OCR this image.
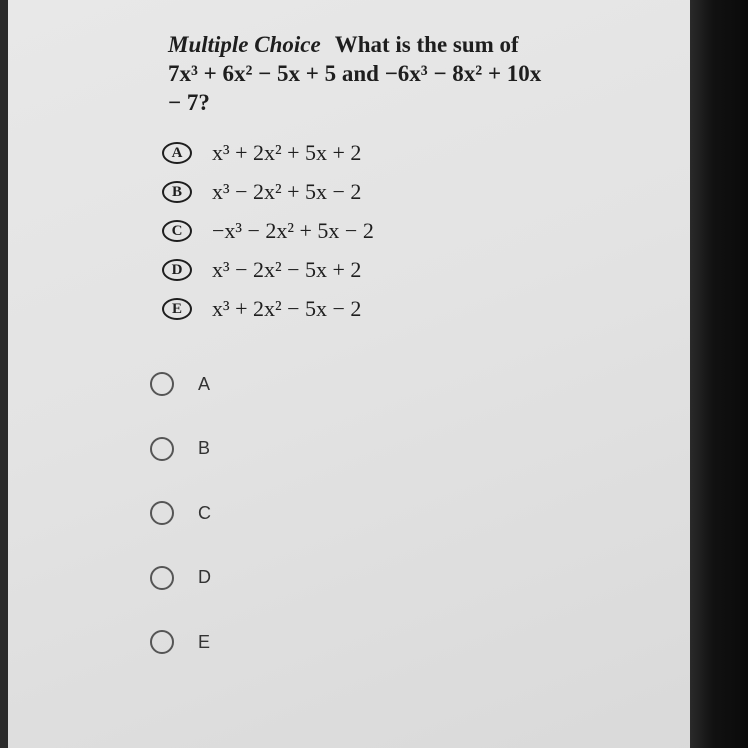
Multiple Choice What is the sum of
7x³ + 6x² − 5x + 5 and −6x³ − 8x² + 10x
− 7?
A	x³ + 2x² + 5x + 2
B	x³ − 2x² + 5x − 2
C	−x³ − 2x² + 5x − 2
D	x³ − 2x² − 5x + 2
E	x³ + 2x² − 5x − 2
A
B
C
D
E
